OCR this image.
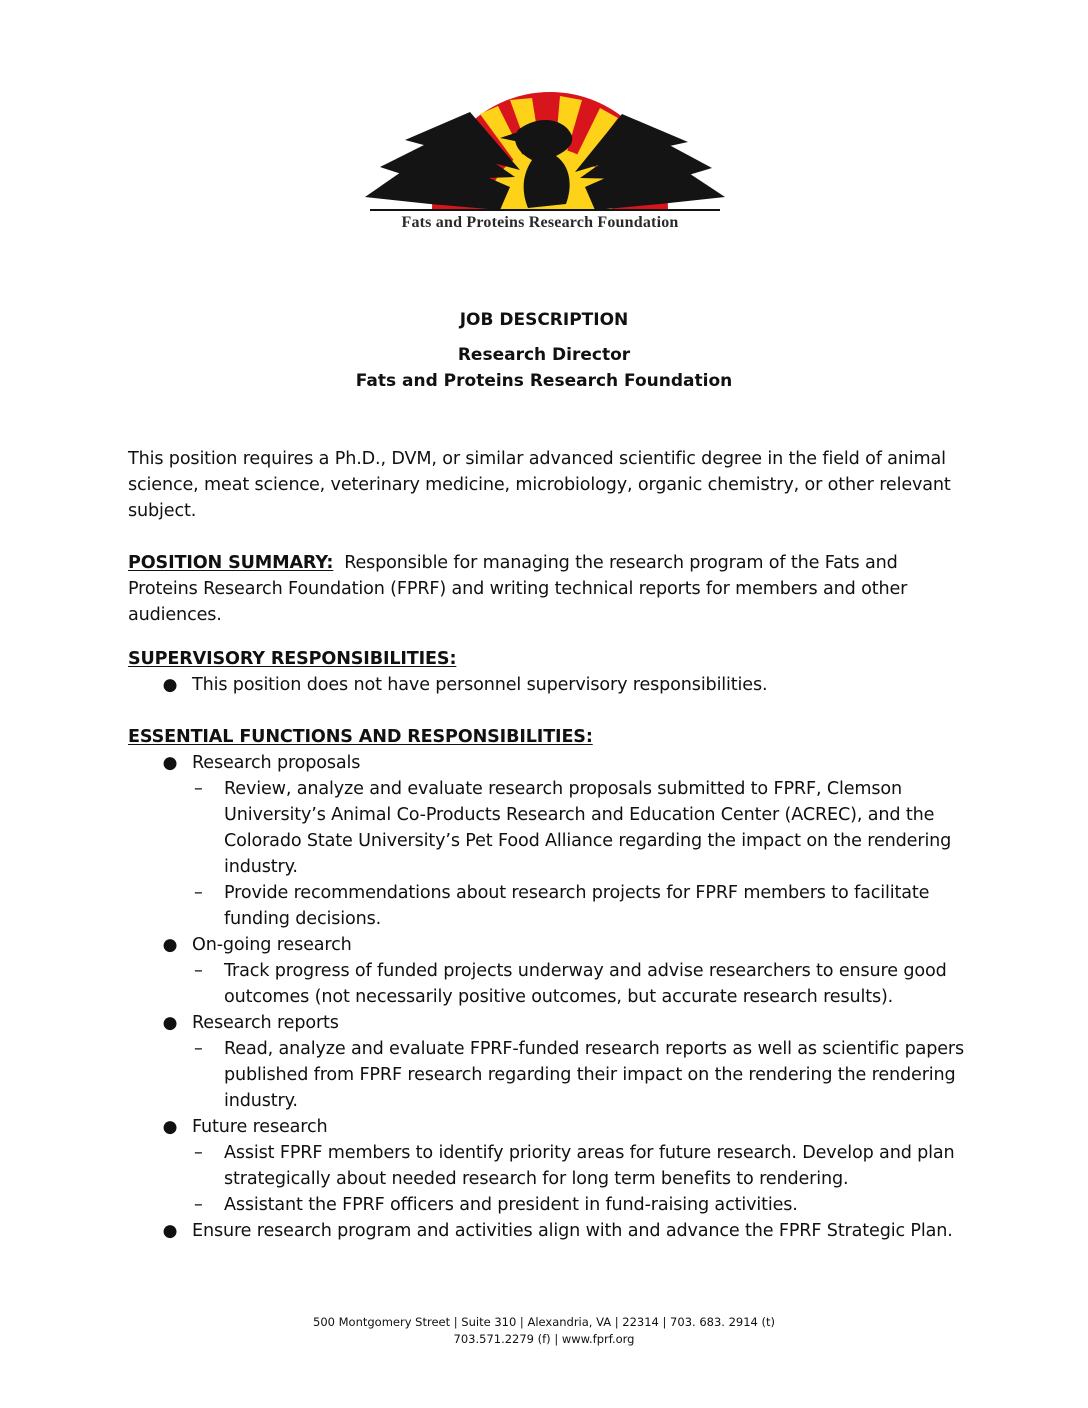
Fats and Proteins Research Foundation
JOB DESCRIPTION
Research Director
Fats and Proteins Research Foundation

This position requires a Ph.D., DVM, or similar advanced scientific degree in the field of animal science, meat science, veterinary medicine, microbiology, organic chemistry, or other relevant subject.

POSITION SUMMARY: Responsible for managing the research program of the Fats and Proteins Research Foundation (FPRF) and writing technical reports for members and other audiences.

SUPERVISORY RESPONSIBILITIES:

● This position does not have personnel supervisory responsibilities.

ESSENTIAL FUNCTIONS AND RESPONSIBILITIES:

● Research proposals
– Review, analyze and evaluate research proposals submitted to FPRF, Clemson University’s Animal Co-Products Research and Education Center (ACREC), and the Colorado State University’s Pet Food Alliance regarding the impact on the rendering industry.
– Provide recommendations about research projects for FPRF members to facilitate funding decisions.
● On-going research
– Track progress of funded projects underway and advise researchers to ensure good outcomes (not necessarily positive outcomes, but accurate research results).
● Research reports
– Read, analyze and evaluate FPRF-funded research reports as well as scientific papers published from FPRF research regarding their impact on the rendering the rendering industry.
● Future research
– Assist FPRF members to identify priority areas for future research. Develop and plan strategically about needed research for long term benefits to rendering.
– Assistant the FPRF officers and president in fund-raising activities.
● Ensure research program and activities align with and advance the FPRF Strategic Plan.
500 Montgomery Street | Suite 310 | Alexandria, VA | 22314 | 703. 683. 2914 (t)
703.571.2279 (f) | www.fprf.org
